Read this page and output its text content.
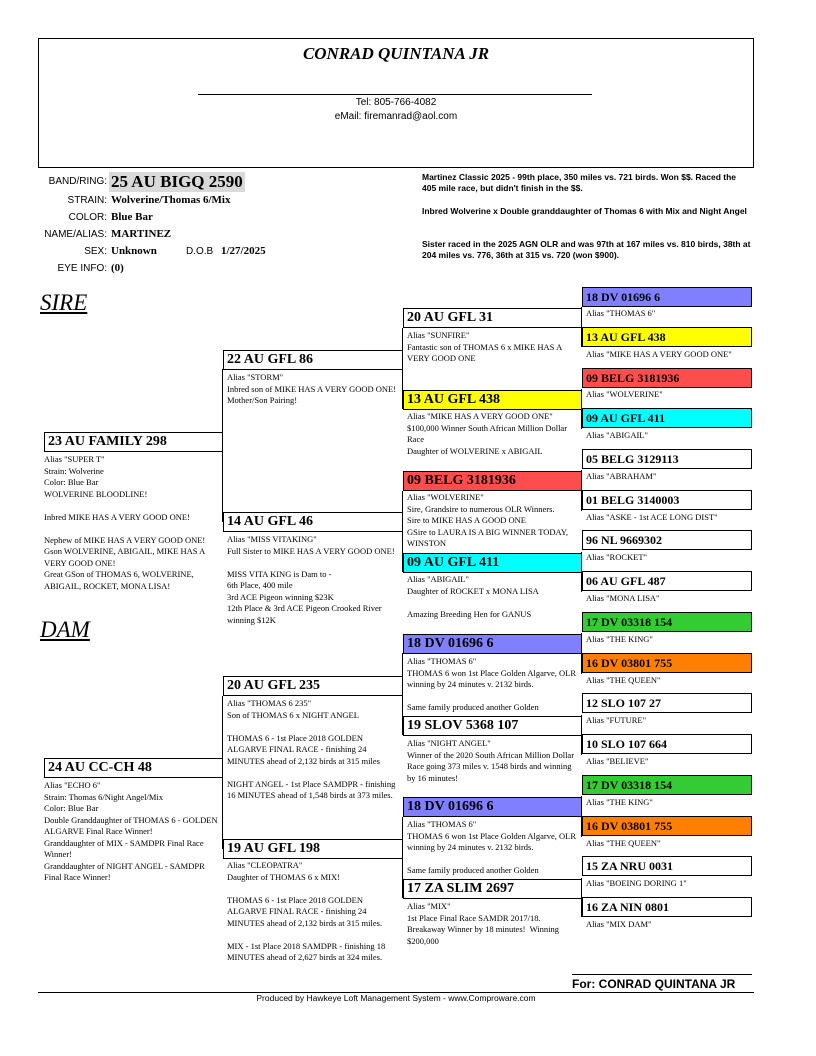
CONRAD QUINTANA JR
Tel: 805-766-4082
eMail: firemanrad@aol.com
BAND/RING: 25 AU BIGQ 2590
STRAIN: Wolverine/Thomas 6/Mix
COLOR: Blue Bar
NAME/ALIAS: MARTINEZ
SEX: Unknown	D.O.B 1/27/2025
EYE INFO: (0)
Martinez Classic 2025 - 99th place, 350 miles vs. 721 birds. Won $$. Raced the 405 mile race, but didn't finish in the $$.
Inbred Wolverine x Double granddaughter of Thomas 6 with Mix and Night Angel
Sister raced in the 2025 AGN OLR and was 97th at 167 miles vs. 810 birds, 38th at 204 miles vs. 776, 36th at 315 vs. 720 (won $900).
SIRE
DAM
23 AU FAMILY 298
Alias "SUPER T"
Strain: Wolverine
Color: Blue Bar
WOLVERINE BLOODLINE!

Inbred MIKE HAS A VERY GOOD ONE!

Nephew of MIKE HAS A VERY GOOD ONE!
Gson WOLVERINE, ABIGAIL, MIKE HAS A VERY GOOD ONE!
Great GSon of THOMAS 6, WOLVERINE, ABIGAIL, ROCKET, MONA LISA!
24 AU CC-CH 48
Alias "ECHO 6"
Strain: Thomas 6/Night Angel/Mix
Color: Blue Bar
Double Granddaughter of THOMAS 6 - GOLDEN ALGARVE Final Race Winner!
Granddaughter of MIX - SAMDPR Final Race Winner!
Granddaughter of NIGHT ANGEL - SAMDPR Final Race Winner!
22 AU GFL 86
Alias "STORM"
Inbred son of MIKE HAS A VERY GOOD ONE!
Mother/Son Pairing!
14 AU GFL 46
Alias "MISS VITAKING"
Full Sister to MIKE HAS A VERY GOOD ONE!

MISS VITA KING is Dam to -
6th Place, 400 mile
3rd ACE Pigeon winning $23K
12th Place & 3rd ACE Pigeon Crooked River winning $12K
20 AU GFL 235
Alias "THOMAS 6 235"
Son of THOMAS 6 x NIGHT ANGEL

THOMAS 6 - 1st Place 2018 GOLDEN ALGARVE FINAL RACE - finishing 24 MINUTES ahead of 2,132 birds at 315 miles

NIGHT ANGEL - 1st Place SAMDPR - finishing 16 MINUTES ahead of 1,548 birds at 373 miles.
19 AU GFL 198
Alias "CLEOPATRA"
Daughter of THOMAS 6 x MIX!

THOMAS 6 - 1st Place 2018 GOLDEN ALGARVE FINAL RACE - finishing 24 MINUTES ahead of 2,132 birds at 315 miles.

MIX - 1st Place 2018 SAMDPR - finishing 18 MINUTES ahead of 2,627 birds at 324 miles.
20 AU GFL 31
Alias "SUNFIRE"
Fantastic son of THOMAS 6 x MIKE HAS A VERY GOOD ONE
13 AU GFL 438
Alias "MIKE HAS A VERY GOOD ONE"
$100,000 Winner South African Million Dollar Race
Daughter of WOLVERINE x ABIGAIL
09 BELG 3181936
Alias "WOLVERINE"
Sire, Grandsire to numerous OLR Winners.
Sire to MIKE HAS A GOOD ONE
GSire to LAURA IS A BIG WINNER TODAY, WINSTON
09 AU GFL 411
Alias "ABIGAIL"
Daughter of ROCKET x MONA LISA

Amazing Breeding Hen for GANUS
18 DV 01696 6
Alias "THOMAS 6"
THOMAS 6 won 1st Place Golden Algarve, OLR winning by 24 minutes v. 2132 birds.

Same family produced another Golden
19 SLOV 5368 107
Alias "NIGHT ANGEL"
Winner of the 2020 South African Million Dollar Race going 373 miles v. 1548 birds and winning by 16 minutes!
18 DV 01696 6
Alias "THOMAS 6"
THOMAS 6 won 1st Place Golden Algarve, OLR winning by 24 minutes v. 2132 birds.

Same family produced another Golden
17 ZA SLIM 2697
Alias "MIX"
1st Place Final Race SAMDR 2017/18. Breakaway Winner by 18 minutes!  Winning $200,000
18 DV 01696 6
Alias "THOMAS 6"
13 AU GFL 438
Alias "MIKE HAS A VERY GOOD ONE"
09 BELG 3181936
Alias "WOLVERINE"
09 AU GFL 411
Alias "ABIGAIL"
05 BELG 3129113
Alias "ABRAHAM"
01 BELG 3140003
Alias "ASKE - 1st ACE LONG DIST"
96 NL 9669302
Alias "ROCKET"
06 AU GFL 487
Alias "MONA LISA"
17 DV 03318 154
Alias "THE KING"
16 DV 03801 755
Alias "THE QUEEN"
12 SLO 107 27
Alias "FUTURE"
10 SLO 107 664
Alias "BELIEVE"
17 DV 03318 154
Alias "THE KING"
16 DV 03801 755
Alias "THE QUEEN"
15 ZA NRU 0031
Alias "BOEING DORING 1"
16 ZA NIN 0801
Alias "MIX DAM"
For: CONRAD QUINTANA JR
Produced by Hawkeye Loft Management System - www.Comproware.com
